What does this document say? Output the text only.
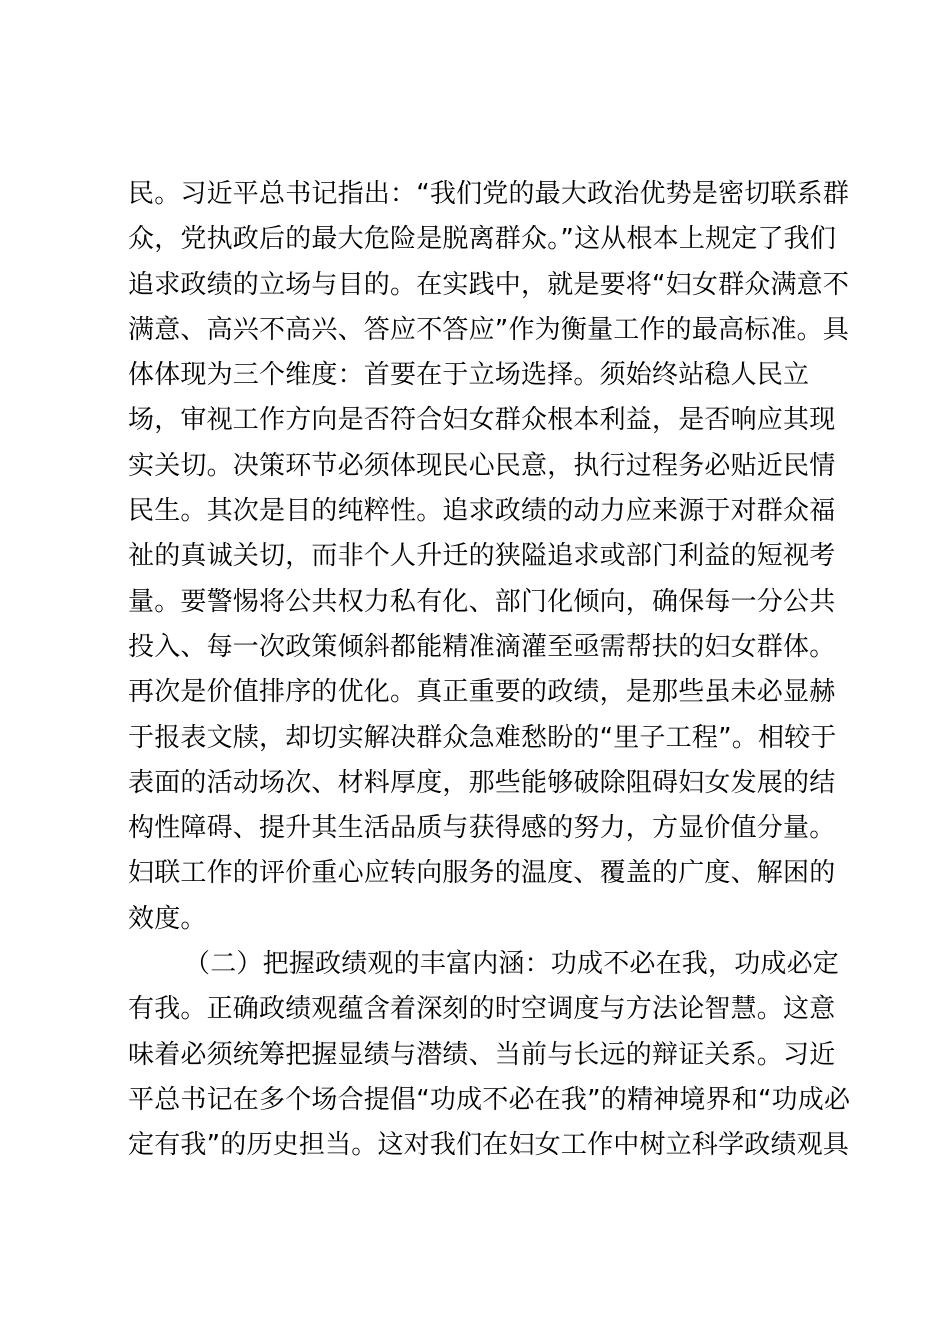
民。习近平总书记指出：“我们党的最大政治优势是密切联系群
众，党执政后的最大危险是脱离群众。”这从根本上规定了我们
追求政绩的立场与目的。在实践中，就是要将“妇女群众满意不
满意、高兴不高兴、答应不答应”作为衡量工作的最高标准。具
体体现为三个维度：首要在于立场选择。须始终站稳人民立
场，审视工作方向是否符合妇女群众根本利益，是否响应其现
实关切。决策环节必须体现民心民意，执行过程务必贴近民情
民生。其次是目的纯粹性。追求政绩的动力应来源于对群众福
祉的真诚关切，而非个人升迁的狭隘追求或部门利益的短视考
量。要警惕将公共权力私有化、部门化倾向，确保每一分公共
投入、每一次政策倾斜都能精准滴灌至亟需帮扶的妇女群体。
再次是价值排序的优化。真正重要的政绩，是那些虽未必显赫
于报表文牍，却切实解决群众急难愁盼的“里子工程”。相较于
表面的活动场次、材料厚度，那些能够破除阻碍妇女发展的结
构性障碍、提升其生活品质与获得感的努力，方显价值分量。
妇联工作的评价重心应转向服务的温度、覆盖的广度、解困的
效度。
（二）把握政绩观的丰富内涵：功成不必在我，功成必定
有我。正确政绩观蕴含着深刻的时空调度与方法论智慧。这意
味着必须统筹把握显绩与潜绩、当前与长远的辩证关系。习近
平总书记在多个场合提倡“功成不必在我”的精神境界和“功成必
定有我”的历史担当。这对我们在妇女工作中树立科学政绩观具
